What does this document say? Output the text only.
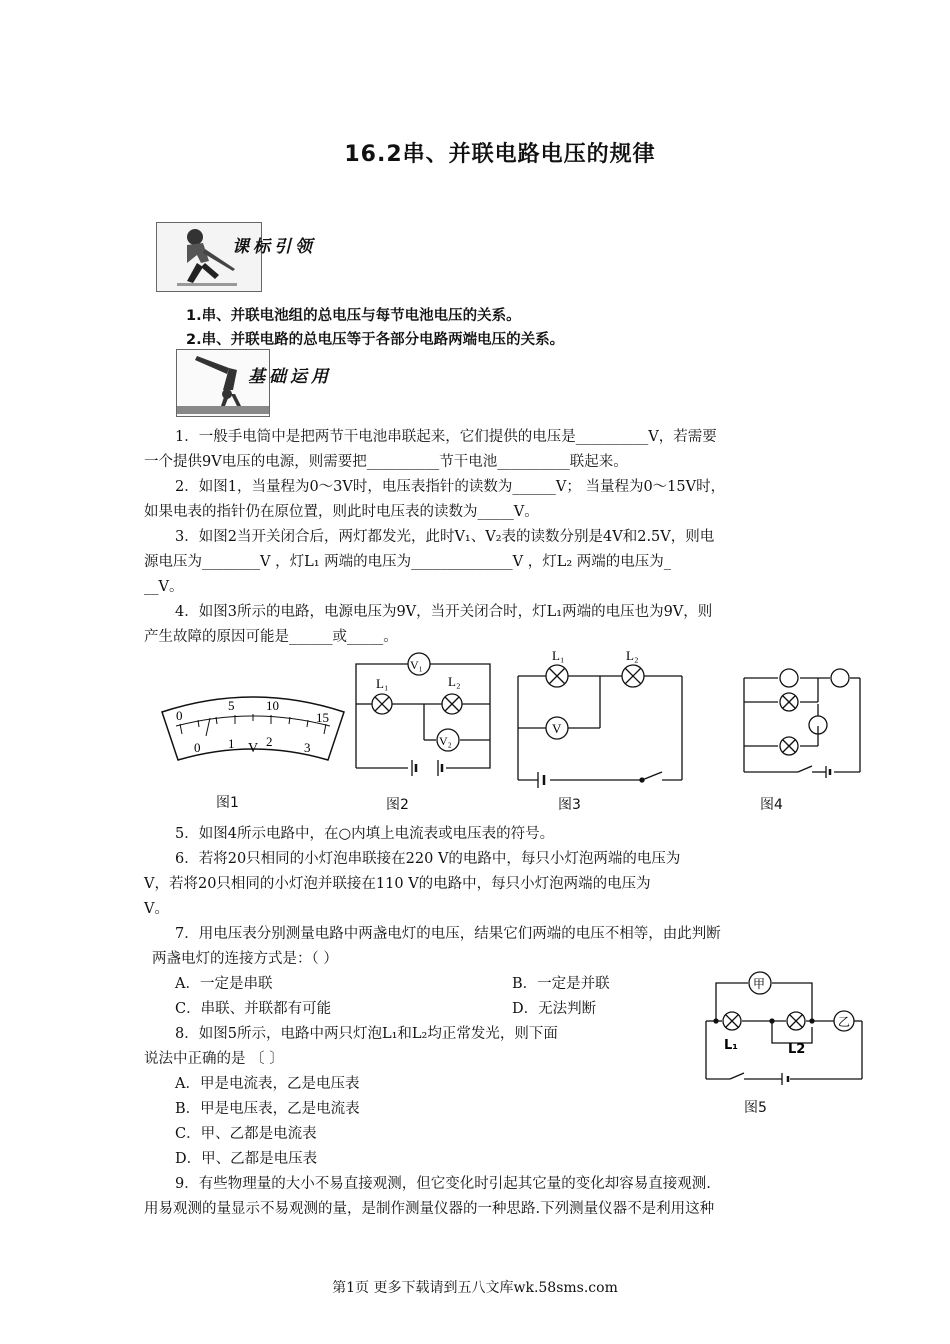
16.2串、并联电路电压的规律
课标引领
1.串、并联电池组的总电压与每节电池电压的关系。
2.串、并联电路的总电压等于各部分电路两端电压的关系。
基础运用
1．一般手电筒中是把两节干电池串联起来，它们提供的电压是__________V，若需要
一个提供9V电压的电源，则需要把__________节干电池__________联起来。
2．如图1，当量程为0～3V时，电压表指针的读数为______V； 当量程为0～15V时，
如果电表的指针仍在原位置，则此时电压表的读数为_____V。
3．如图2当开关闭合后，两灯都发光，此时V₁、V₂表的读数分别是4V和2.5V，则电
源电压为________V ，灯L₁ 两端的电压为______________V ，灯L₂ 两端的电压为_
__V。
4．如图3所示的电路，电源电压为9V，当开关闭合时，灯L₁两端的电压也为9V，则
产生故障的原因可能是______或_____。
0
5 10
15
0 1 V 2 3
图1
V₁
L₁	L₂
V₂
图2
L₁	L₂
V
图3	图4
5．如图4所示电路中，在○内填上电流表或电压表的符号。
6．若将20只相同的小灯泡串联接在220 V的电路中，每只小灯泡两端的电压为
V，若将20只相同的小灯泡并联接在110 V的电路中，每只小灯泡两端的电压为
V。
7．用电压表分别测量电路中两盏电灯的电压，结果它们两端的电压不相等，由此判断
两盏电灯的连接方式是：（ ）
A．一定是串联	B．一定是并联
C．串联、并联都有可能	D．无法判断
8．如图5所示，电路中两只灯泡L₁和L₂均正常发光，则下面
说法中正确的是 〔 〕
A．甲是电流表，乙是电压表
B．甲是电压表，乙是电流表
C．甲、乙都是电流表
D．甲、乙都是电压表
甲
乙
L₁	L2
图5
9．有些物理量的大小不易直接观测，但它变化时引起其它量的变化却容易直接观测.
用易观测的量显示不易观测的量，是制作测量仪器的一种思路.下列测量仪器不是利用这种
第1页 更多下载请到五八文库wk.58sms.com
